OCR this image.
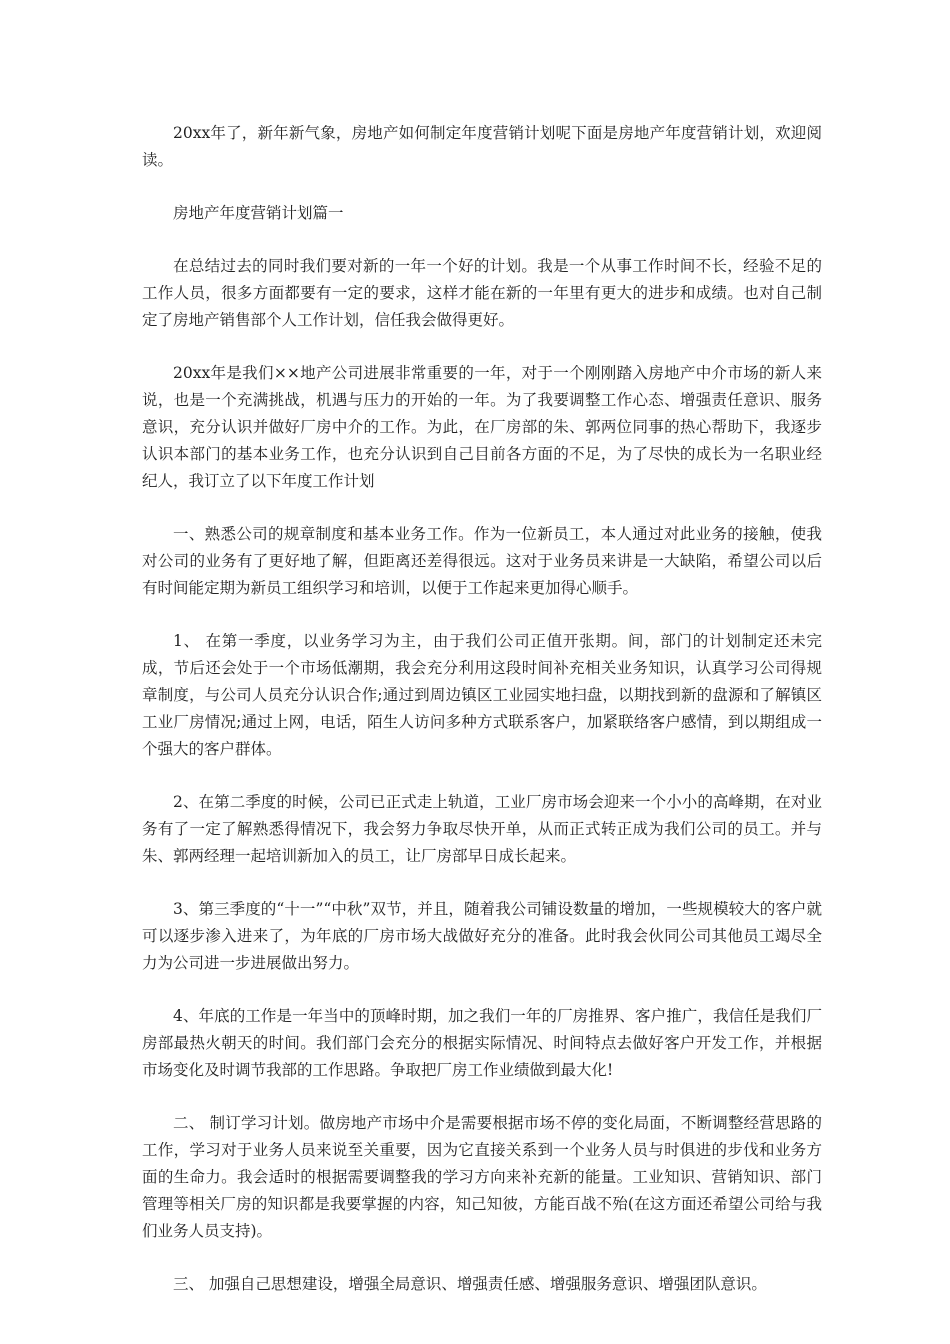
20xx年了，新年新气象，房地产如何制定年度营销计划呢下面是房地产年度营销计划，欢迎阅读。

房地产年度营销计划篇一

在总结过去的同时我们要对新的一年一个好的计划。我是一个从事工作时间不长，经验不足的工作人员，很多方面都要有一定的要求，这样才能在新的一年里有更大的进步和成绩。也对自己制定了房地产销售部个人工作计划，信任我会做得更好。

20xx年是我们××地产公司进展非常重要的一年，对于一个刚刚踏入房地产中介市场的新人来说，也是一个充满挑战，机遇与压力的开始的一年。为了我要调整工作心态、增强责任意识、服务意识，充分认识并做好厂房中介的工作。为此，在厂房部的朱、郭两位同事的热心帮助下，我逐步认识本部门的基本业务工作，也充分认识到自己目前各方面的不足，为了尽快的成长为一名职业经纪人，我订立了以下年度工作计划

一、熟悉公司的规章制度和基本业务工作。作为一位新员工，本人通过对此业务的接触，使我对公司的业务有了更好地了解，但距离还差得很远。这对于业务员来讲是一大缺陷，希望公司以后有时间能定期为新员工组织学习和培训，以便于工作起来更加得心顺手。

1、 在第一季度，以业务学习为主，由于我们公司正值开张期。间，部门的计划制定还未完成，节后还会处于一个市场低潮期，我会充分利用这段时间补充相关业务知识，认真学习公司得规章制度，与公司人员充分认识合作;通过到周边镇区工业园实地扫盘，以期找到新的盘源和了解镇区工业厂房情况;通过上网，电话，陌生人访问多种方式联系客户，加紧联络客户感情，到以期组成一个强大的客户群体。

2、在第二季度的时候，公司已正式走上轨道，工业厂房市场会迎来一个小小的高峰期，在对业务有了一定了解熟悉得情况下，我会努力争取尽快开单，从而正式转正成为我们公司的员工。并与朱、郭两经理一起培训新加入的员工，让厂房部早日成长起来。

3、第三季度的“十一”“中秋”双节，并且，随着我公司铺设数量的增加，一些规模较大的客户就可以逐步渗入进来了，为年底的厂房市场大战做好充分的准备。此时我会伙同公司其他员工竭尽全力为公司进一步进展做出努力。

4、年底的工作是一年当中的顶峰时期，加之我们一年的厂房推界、客户推广，我信任是我们厂房部最热火朝天的时间。我们部门会充分的根据实际情况、时间特点去做好客户开发工作，并根据市场变化及时调节我部的工作思路。争取把厂房工作业绩做到最大化!

二、 制订学习计划。做房地产市场中介是需要根据市场不停的变化局面，不断调整经营思路的工作，学习对于业务人员来说至关重要，因为它直接关系到一个业务人员与时俱进的步伐和业务方面的生命力。我会适时的根据需要调整我的学习方向来补充新的能量。工业知识、营销知识、部门管理等相关厂房的知识都是我要掌握的内容，知己知彼，方能百战不殆(在这方面还希望公司给与我们业务人员支持)。

三、 加强自己思想建设，增强全局意识、增强责任感、增强服务意识、增强团队意识。
